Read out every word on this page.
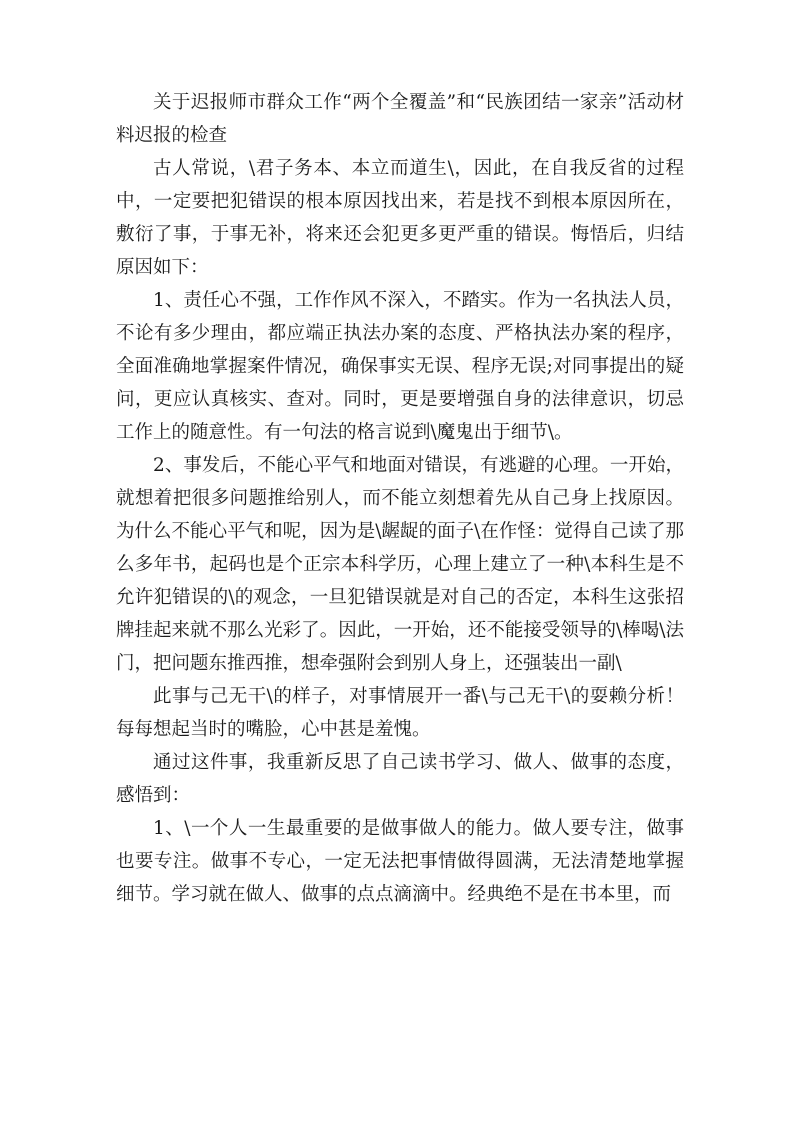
关于迟报师市群众工作“两个全覆盖”和“民族团结一家亲”活动材料迟报的检查

古人常说，\君子务本、本立而道生\，因此，在自我反省的过程中，一定要把犯错误的根本原因找出来，若是找不到根本原因所在，敷衍了事，于事无补，将来还会犯更多更严重的错误。悔悟后，归结原因如下：

1、责任心不强，工作作风不深入，不踏实。作为一名执法人员，不论有多少理由，都应端正执法办案的态度、严格执法办案的程序，全面准确地掌握案件情况，确保事实无误、程序无误;对同事提出的疑问，更应认真核实、查对。同时，更是要增强自身的法律意识，切忌工作上的随意性。有一句法的格言说到\魔鬼出于细节\。

2、事发后，不能心平气和地面对错误，有逃避的心理。一开始，就想着把很多问题推给别人，而不能立刻想着先从自己身上找原因。为什么不能心平气和呢，因为是\龌龊的面子\在作怪：觉得自己读了那么多年书，起码也是个正宗本科学历，心理上建立了一种\本科生是不允许犯错误的\的观念，一旦犯错误就是对自己的否定，本科生这张招牌挂起来就不那么光彩了。因此，一开始，还不能接受领导的\棒喝\法门，把问题东推西推，想牵强附会到别人身上，还强装出一副\

此事与己无干\的样子，对事情展开一番\与己无干\的耍赖分析！每每想起当时的嘴脸，心中甚是羞愧。

通过这件事，我重新反思了自己读书学习、做人、做事的态度，感悟到：

1、\一个人一生最重要的是做事做人的能力。做人要专注，做事也要专注。做事不专心，一定无法把事情做得圆满，无法清楚地掌握细节。学习就在做人、做事的点点滴滴中。经典绝不是在书本里，而
